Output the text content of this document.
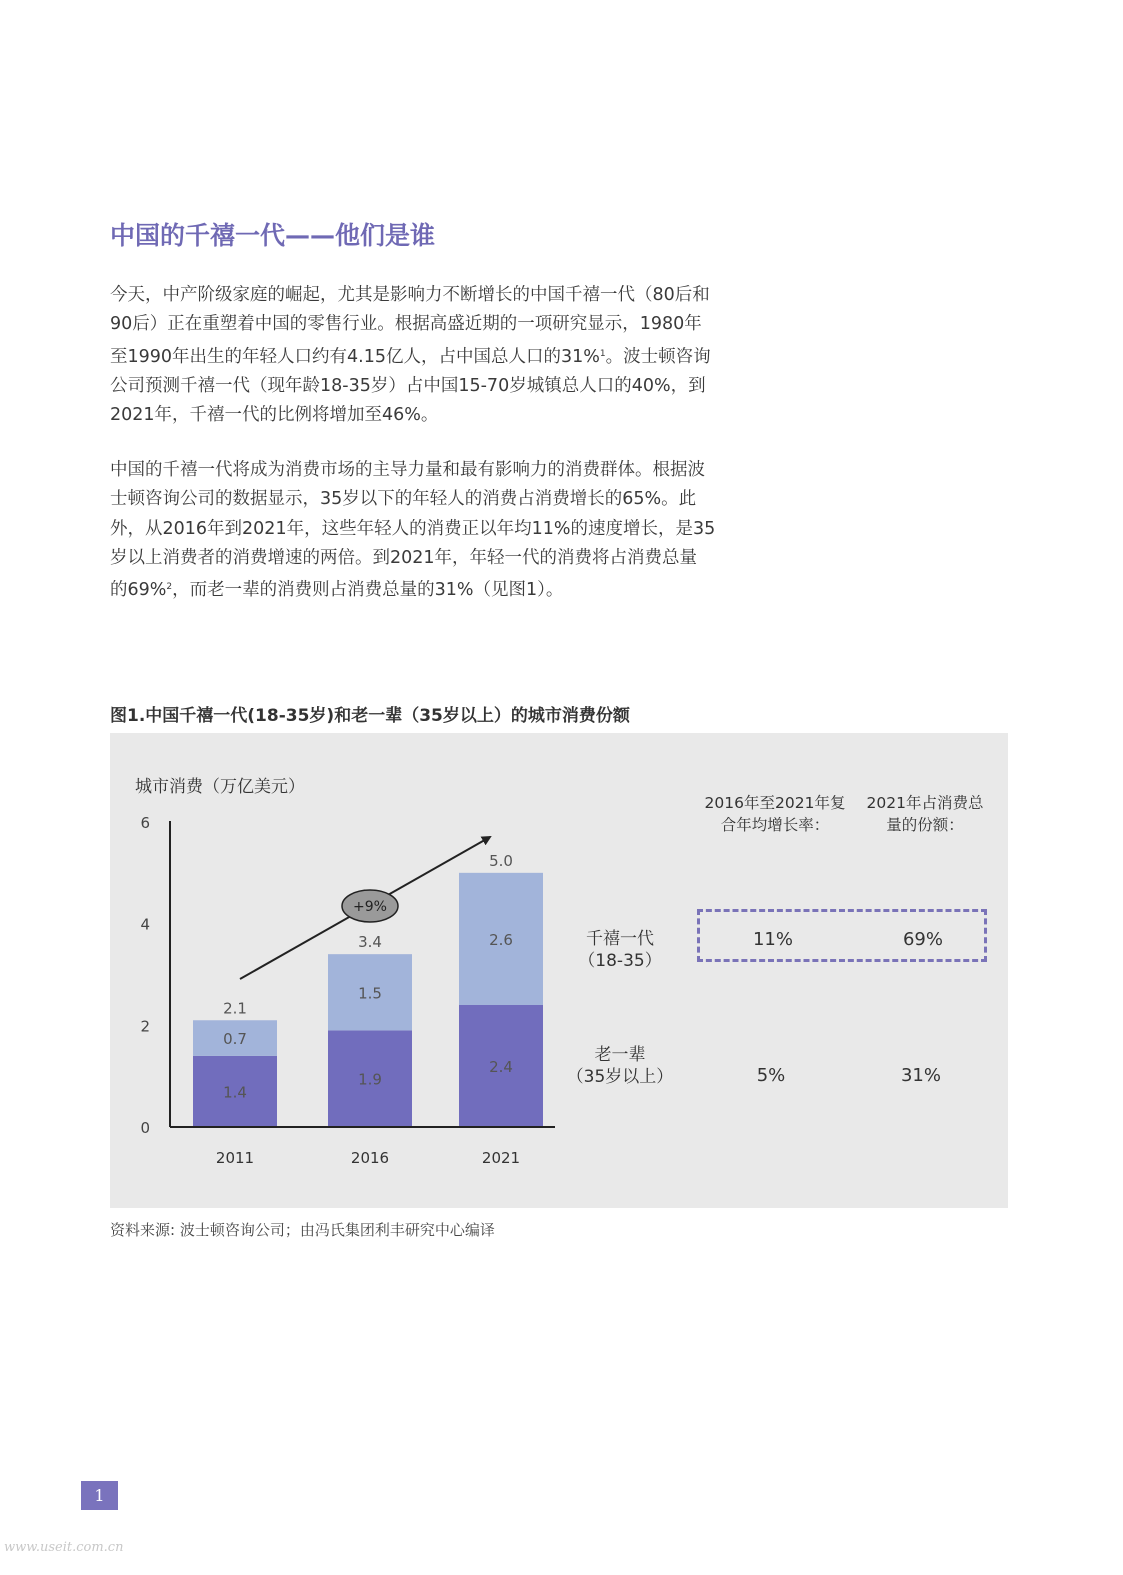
中国的千禧一代——他们是谁
今天，中产阶级家庭的崛起，尤其是影响力不断增长的中国千禧一代（80后和
90后）正在重塑着中国的零售行业。根据高盛近期的一项研究显示，1980年
至1990年出生的年轻人口约有4.15亿人，占中国总人口的31%$^1$。波士顿咨询
公司预测千禧一代（现年龄18-35岁）占中国15-70岁城镇总人口的40%，到
2021年，千禧一代的比例将增加至46%。
中国的千禧一代将成为消费市场的主导力量和最有影响力的消费群体。根据波
士顿咨询公司的数据显示，35岁以下的年轻人的消费占消费增长的65%。此
外，从2016年到2021年，这些年轻人的消费正以年均11%的速度增长，是35
岁以上消费者的消费增速的两倍。到2021年，年轻一代的消费将占消费总量
的69%$^2$，而老一辈的消费则占消费总量的31%（见图1）。
图1.中国千禧一代(18-35岁)和老一辈（35岁以上）的城市消费份额
城市消费（万亿美元）
0
2
4
6
1.4
0.7
2.1
2011
1.9
1.5
3.4
2016
2.4
2.6
5.0
2021
+9%
2016年至2021年复
合年均增长率：
2021年占消费总
量的份额：
千禧一代
（18-35）
11%	69%
老一辈
（35岁以上）	5%	31%
资料来源: 波士顿咨询公司；由冯氏集团利丰研究中心编译
1
www.useit.com.cn
